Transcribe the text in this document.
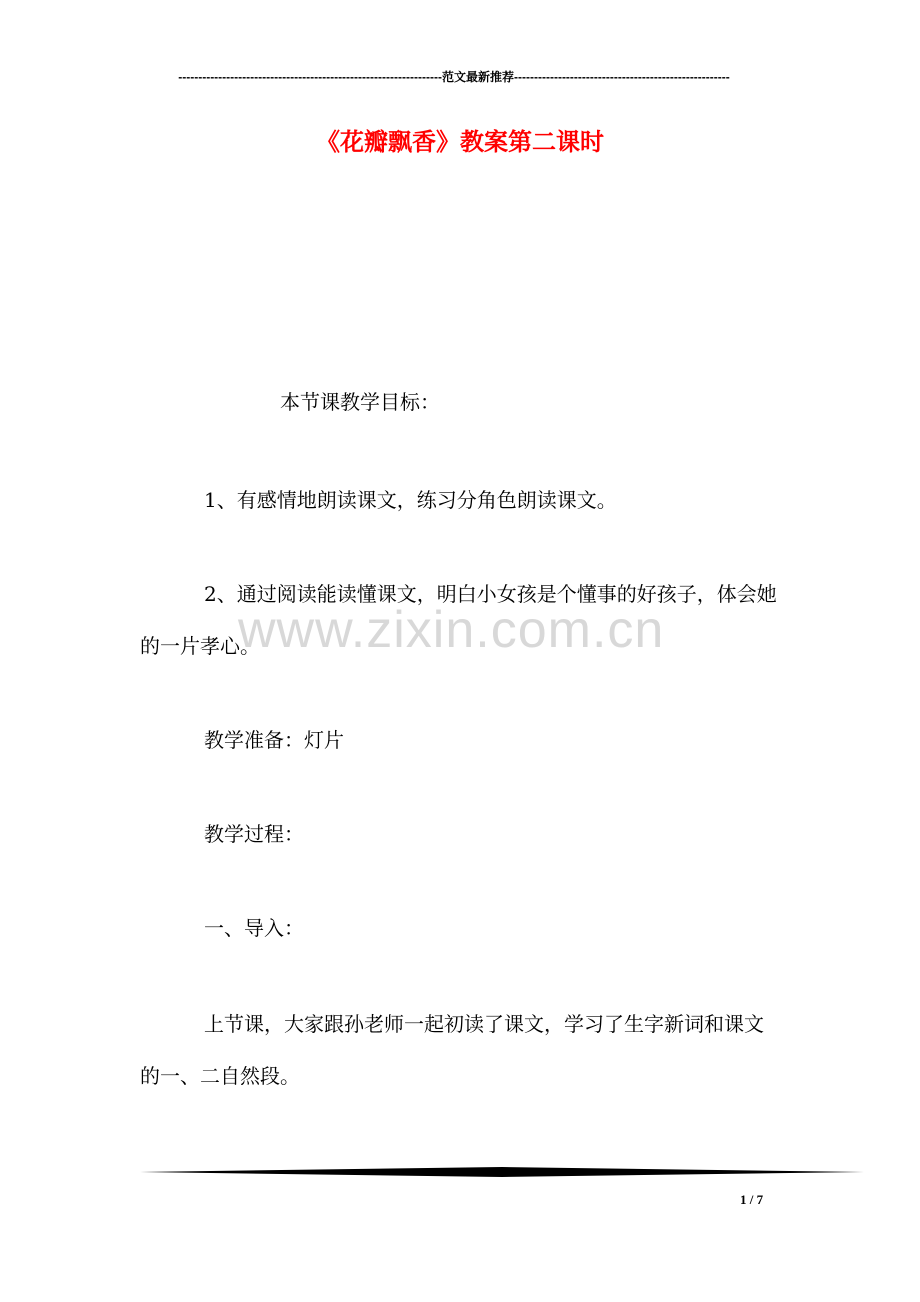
------------------------------------------------------------------范文最新推荐------------------------------------------------------
《花瓣飘香》教案第二课时
www.zixin.com.cn
本节课教学目标：
1、有感情地朗读课文，练习分角色朗读课文。
2、通过阅读能读懂课文，明白小女孩是个懂事的好孩子，体会她的一片孝心。
教学准备：灯片
教学过程：
一、导入：
上节课，大家跟孙老师一起初读了课文，学习了生字新词和课文的一、二自然段。
1 / 7
